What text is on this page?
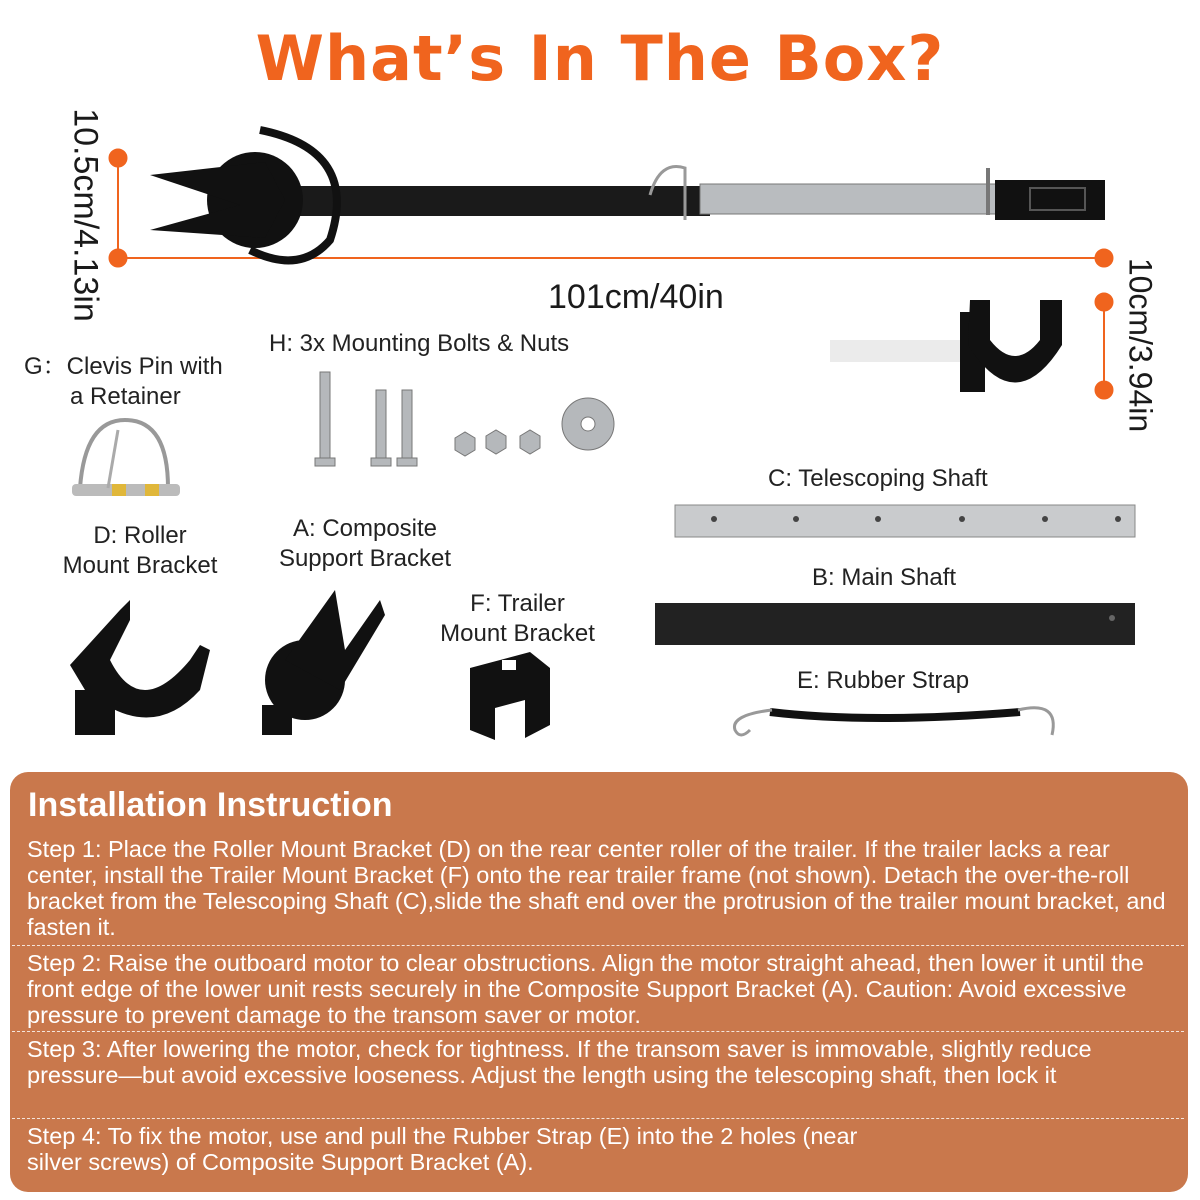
What’s In The Box?
10.5cm/4.13in	101cm/40in	10cm/3.94in
G：Clevis Pin with
a Retainer
H: 3x Mounting Bolts & Nuts
C: Telescoping Shaft
D: Roller
Mount Bracket
A: Composite
Support Bracket
B: Main Shaft
F: Trailer
Mount Bracket
E: Rubber Strap
Installation Instruction
Step 1: Place the Roller Mount Bracket (D) on the rear center roller of the trailer. If the trailer lacks a rear center, install the Trailer Mount Bracket (F) onto the rear trailer frame (not shown). Detach the over-the-roll bracket from the Telescoping Shaft (C),slide the shaft end over the protrusion of the trailer mount bracket, and fasten it.
Step 2: Raise the outboard motor to clear obstructions. Align the motor straight ahead, then lower it until the front edge of the lower unit rests securely in the Composite Support Bracket (A). Caution: Avoid excessive pressure to prevent damage to the transom saver or motor.
Step 3: After lowering the motor, check for tightness. If the transom saver is immovable, slightly reduce pressure—but avoid excessive looseness. Adjust the length using the telescoping shaft, then lock it
Step 4: To fix the motor, use and pull the Rubber Strap (E) into the 2 holes (near silver screws) of Composite Support Bracket (A).
